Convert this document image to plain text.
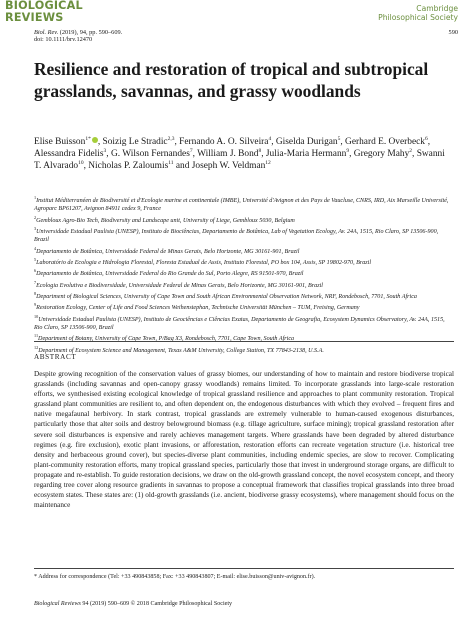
BIOLOGICAL
REVIEWS
Cambridge
Philosophical Society
Biol. Rev. (2019), 94, pp. 590–609.
doi: 10.1111/brv.12470
590
Resilience and restoration of tropical and subtropical grasslands, savannas, and grassy woodlands
Elise Buisson$^{1*}$ , Soizig Le Stradic$^{2,3}$, Fernando A. O. Silveira$^4$, Giselda Durigan$^5$, Gerhard E. Overbeck$^6$, Alessandra Fidelis$^3$, G. Wilson Fernandes$^7$, William J. Bond$^8$, Julia-Maria Hermann$^9$, Gregory Mahy$^2$, Swanni T. Alvarado$^{10}$, Nicholas P. Zaloumis$^{11}$ and Joseph W. Veldman$^{12}$
$^1$Institut Méditerranéen de Biodiversité et d'Ecologie marine et continentale (IMBE), Université d'Avignon et des Pays de Vaucluse, CNRS, IRD, Aix Marseille Université, Agroparc BP61207, Avignon 84911 cedex 9, France
$^2$Gembloux Agro-Bio Tech, Biodiversity and Landscape unit, University of Liege, Gembloux 5030, Belgium
$^3$Universidade Estadual Paulista (UNESP), Instituto de Biociências, Departamento de Botânica, Lab of Vegetation Ecology, Av. 24A, 1515, Rio Claro, SP 13506-900, Brazil
$^4$Departamento de Botânica, Universidade Federal de Minas Gerais, Belo Horizonte, MG 30161-901, Brazil
$^5$Laboratório de Ecologia e Hidrologia Florestal, Floresta Estadual de Assis, Instituto Florestal, PO box 104, Assis, SP 19802-970, Brazil
$^6$Departamento de Botânica, Universidade Federal do Rio Grande do Sul, Porto Alegre, RS 91501-970, Brazil
$^7$Ecologia Evolutiva e Biodiversidade, Universidade Federal de Minas Gerais, Belo Horizonte, MG 30161-901, Brazil
$^8$Department of Biological Sciences, University of Cape Town and South African Environmental Observation Network, NRF, Rondebosch, 7701, South Africa
$^9$Restoration Ecology, Center of Life and Food Sciences Weihenstephan, Technische Universität München – TUM, Freising, Germany
$^{10}$Universidade Estadual Paulista (UNESP), Instituto de Geociências e Ciências Exatas, Departamento de Geografia, Ecosystem Dynamics Observatory, Av. 24A, 1515, Rio Claro, SP 13506-900, Brazil
$^{11}$Department of Botany, University of Cape Town, P/Bag X3, Rondebosch, 7701, Cape Town, South Africa
$^{12}$Department of Ecosystem Science and Management, Texas A&M University, College Station, TX 77843-2138, U.S.A.
ABSTRACT
Despite growing recognition of the conservation values of grassy biomes, our understanding of how to maintain and restore biodiverse tropical grasslands (including savannas and open-canopy grassy woodlands) remains limited. To incorporate grasslands into large-scale restoration efforts, we synthesised existing ecological knowledge of tropical grassland resilience and approaches to plant community restoration. Tropical grassland plant communities are resilient to, and often dependent on, the endogenous disturbances with which they evolved – frequent fires and native megafaunal herbivory. In stark contrast, tropical grasslands are extremely vulnerable to human-caused exogenous disturbances, particularly those that alter soils and destroy belowground biomass (e.g. tillage agriculture, surface mining); tropical grassland restoration after severe soil disturbances is expensive and rarely achieves management targets. Where grasslands have been degraded by altered disturbance regimes (e.g. fire exclusion), exotic plant invasions, or afforestation, restoration efforts can recreate vegetation structure (i.e. historical tree density and herbaceous ground cover), but species-diverse plant communities, including endemic species, are slow to recover. Complicating plant-community restoration efforts, many tropical grassland species, particularly those that invest in underground storage organs, are difficult to propagate and re-establish. To guide restoration decisions, we draw on the old-growth grassland concept, the novel ecosystem concept, and theory regarding tree cover along resource gradients in savannas to propose a conceptual framework that classifies tropical grasslands into three broad ecosystem states. These states are: (1) old-growth grasslands (i.e. ancient, biodiverse grassy ecosystems), where management should focus on the maintenance
* Address for correspondence (Tel: +33 490843858; Fax: +33 490843807; E-mail: elise.buisson@univ-avignon.fr).
Biological Reviews 94 (2019) 590–609 © 2018 Cambridge Philosophical Society
